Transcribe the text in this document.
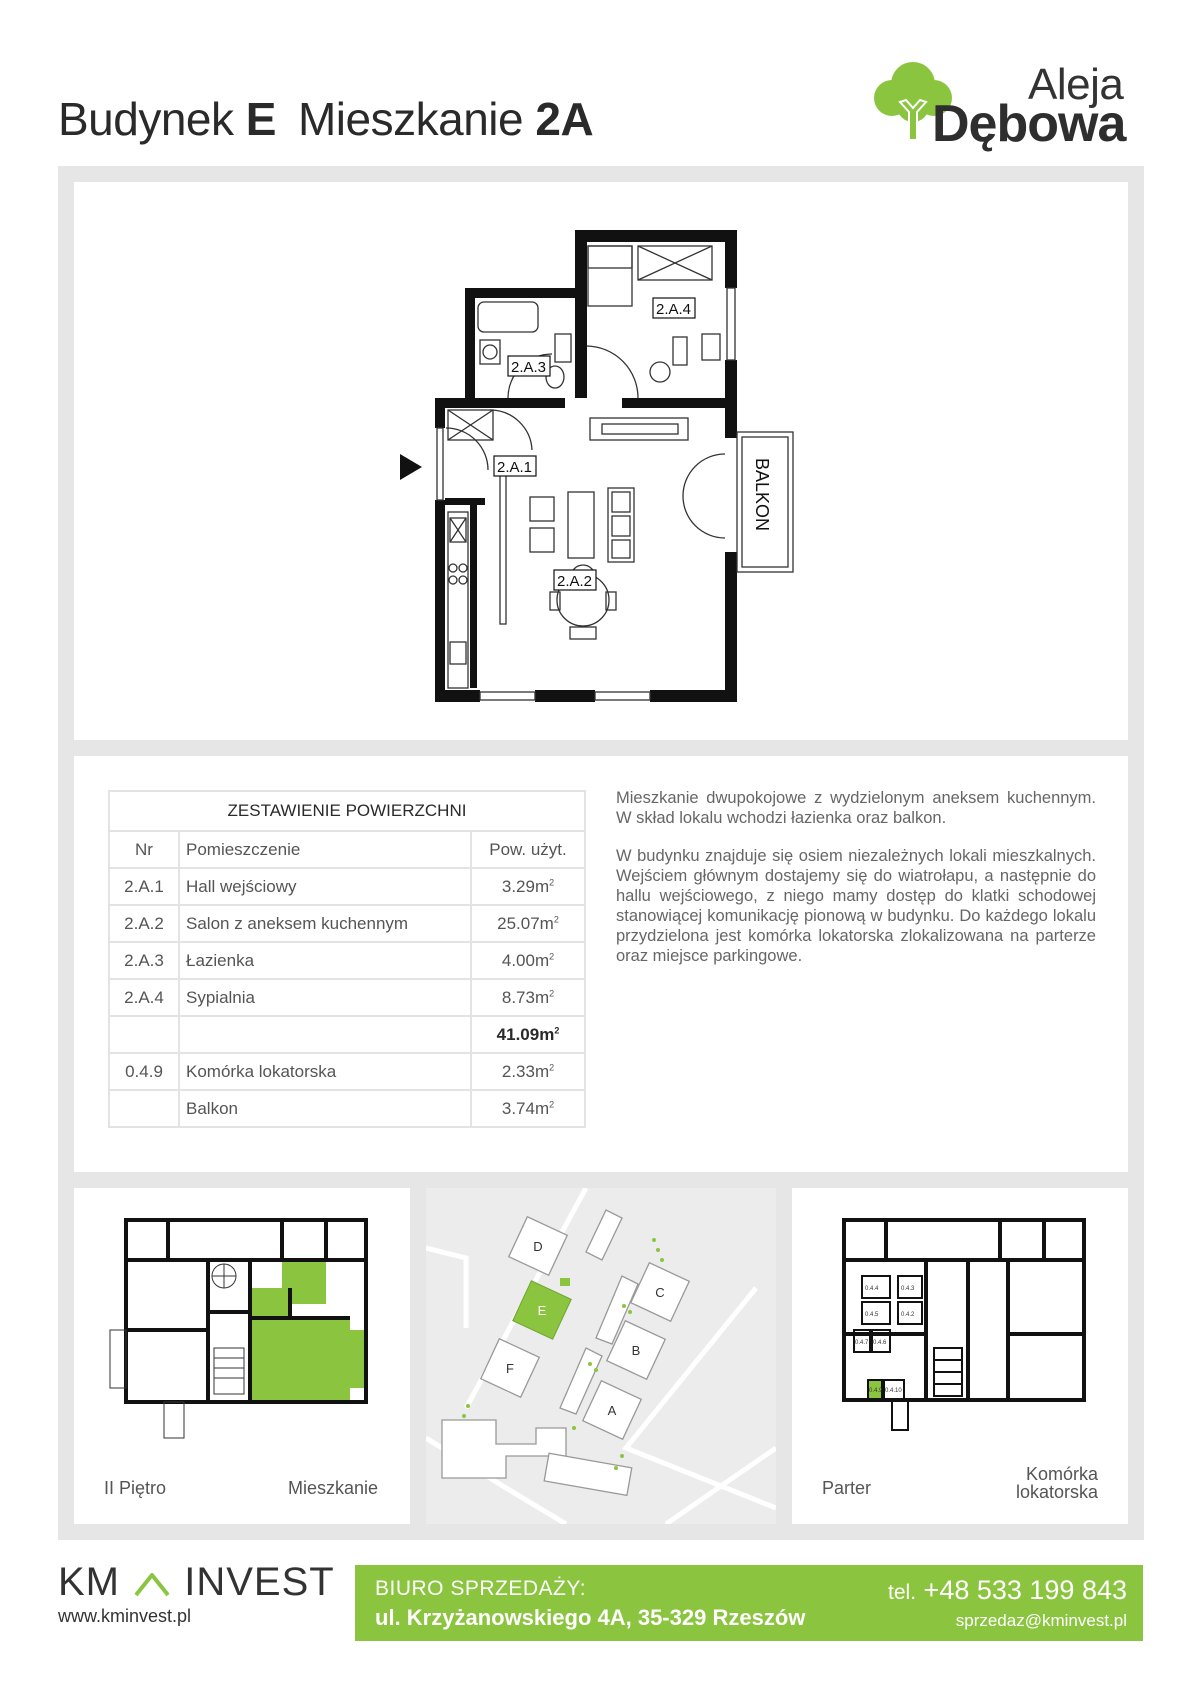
Budynek E Mieszkanie 2A
Aleja
Dębowa
2.A.4
2.A.3
2.A.1
2.A.2
BALKON
ZESTAWIENIE POWIERZCHNI		
Nr	Pomieszczenie	Pow. użyt.
2.A.1	Hall wejściowy	$3.29m^2$
2.A.2	Salon z aneksem kuchennym	$25.07m^2$
2.A.3	Łazienka	$4.00m^2$
2.A.4	Sypialnia	$8.73m^2$
		$41.09m^2$
0.4.9	Komórka lokatorska	$2.33m^2$
	Balkon	$3.74m^2$

Mieszkanie dwupokojowe z wydzielonym aneksem kuchennym. W skład lokalu wchodzi łazienka oraz balkon.

W budynku znajduje się osiem niezależnych lokali mieszkalnych. Wejściem głównym dostajemy się do wiatrołapu, a następnie do hallu wejściowego, z niego mamy dostęp do klatki schodowej stanowiącej komunikację pionową w budynku. Do każdego lokalu przydzielona jest komórka lokatorska zlokalizowana na parterze oraz miejsce parkingowe.

II Piętro	Mieszkanie
D
C
E
B
F
A
0.4.4	0.4.3
0.4.5	0.4.2
0.4.7 0.4.6
0.4.9 0.4.10
Parter
Komórka
lokatorska
KM INVEST
www.kminvest.pl
BIURO SPRZEDAŻY:
ul. Krzyżanowskiego 4A, 35-329 Rzeszów
tel. +48 533 199 843
sprzedaz@kminvest.pl
